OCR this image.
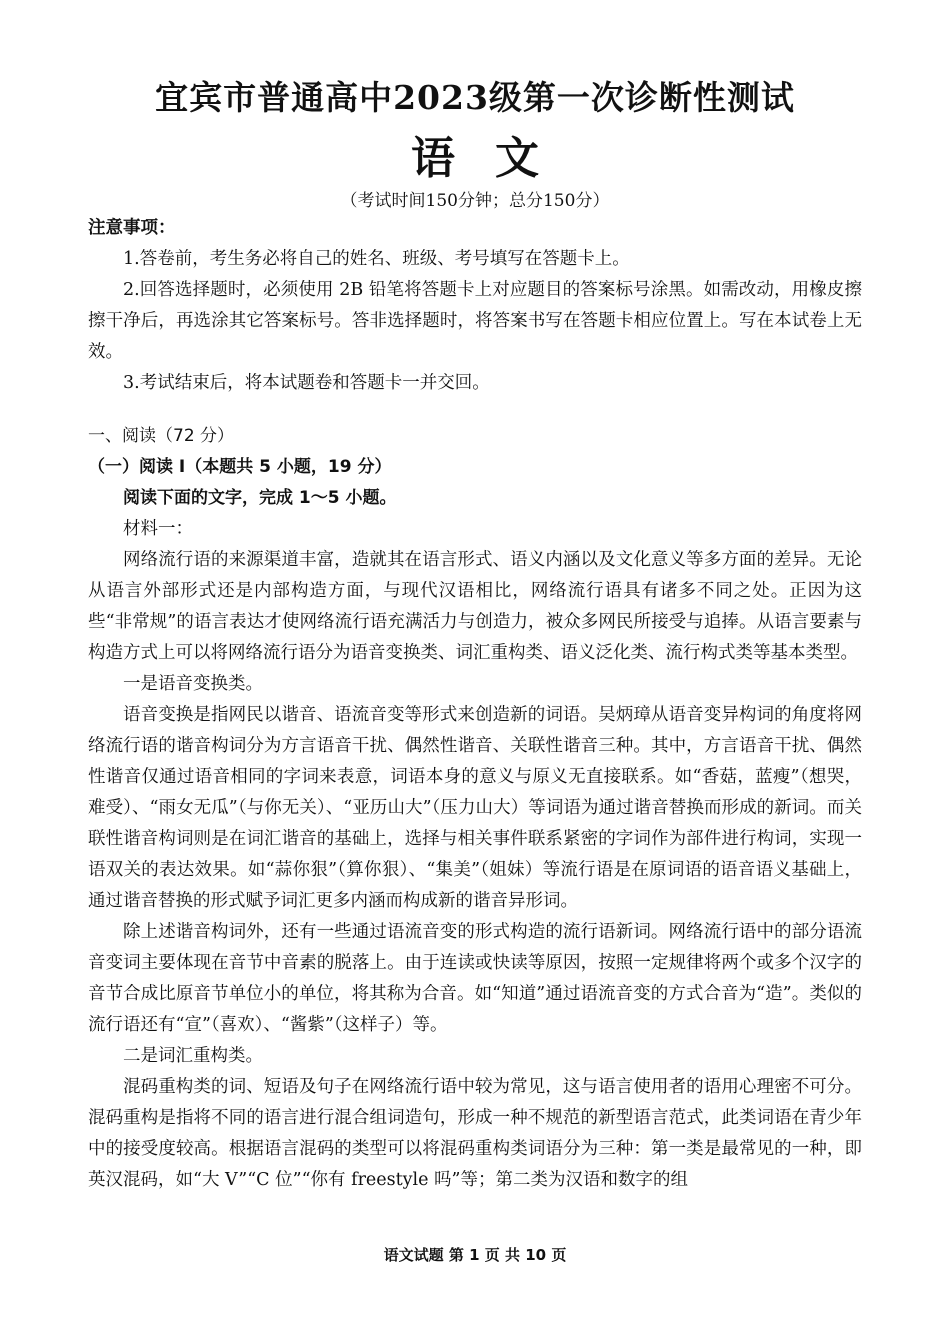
宜宾市普通高中2023级第一次诊断性测试
语文
（考试时间150分钟；总分150分）

注意事项：

1.答卷前，考生务必将自己的姓名、班级、考号填写在答题卡上。

2.回答选择题时，必须使用 2B 铅笔将答题卡上对应题目的答案标号涂黑。如需改动，用橡皮擦擦干净后，再选涂其它答案标号。答非选择题时，将答案书写在答题卡相应位置上。写在本试卷上无效。

3.考试结束后，将本试题卷和答题卡一并交回。

一、阅读（72 分）

（一）阅读 I（本题共 5 小题，19 分）

阅读下面的文字，完成 1～5 小题。

材料一：

网络流行语的来源渠道丰富，造就其在语言形式、语义内涵以及文化意义等多方面的差异。无论从语言外部形式还是内部构造方面，与现代汉语相比，网络流行语具有诸多不同之处。正因为这些“非常规”的语言表达才使网络流行语充满活力与创造力，被众多网民所接受与追捧。从语言要素与构造方式上可以将网络流行语分为语音变换类、词汇重构类、语义泛化类、流行构式类等基本类型。

一是语音变换类。

语音变换是指网民以谐音、语流音变等形式来创造新的词语。吴炳璋从语音变异构词的角度将网络流行语的谐音构词分为方言语音干扰、偶然性谐音、关联性谐音三种。其中，方言语音干扰、偶然性谐音仅通过语音相同的字词来表意，词语本身的意义与原义无直接联系。如“香菇，蓝瘦”（想哭，难受）、“雨女无瓜”（与你无关）、“亚历山大”（压力山大）等词语为通过谐音替换而形成的新词。而关联性谐音构词则是在词汇谐音的基础上，选择与相关事件联系紧密的字词作为部件进行构词，实现一语双关的表达效果。如“蒜你狠”（算你狠）、“集美”（姐妹）等流行语是在原词语的语音语义基础上，通过谐音替换的形式赋予词汇更多内涵而构成新的谐音异形词。

除上述谐音构词外，还有一些通过语流音变的形式构造的流行语新词。网络流行语中的部分语流音变词主要体现在音节中音素的脱落上。由于连读或快读等原因，按照一定规律将两个或多个汉字的音节合成比原音节单位小的单位，将其称为合音。如“知道”通过语流音变的方式合音为“造”。类似的流行语还有“宣”（喜欢）、“酱紫”（这样子）等。

二是词汇重构类。

混码重构类的词、短语及句子在网络流行语中较为常见，这与语言使用者的语用心理密不可分。混码重构是指将不同的语言进行混合组词造句，形成一种不规范的新型语言范式，此类词语在青少年中的接受度较高。根据语言混码的类型可以将混码重构类词语分为三种：第一类是最常见的一种，即英汉混码，如“大 V”“C 位”“你有 freestyle 吗”等；第二类为汉语和数字的组

语文试题 第 1 页 共 10 页
